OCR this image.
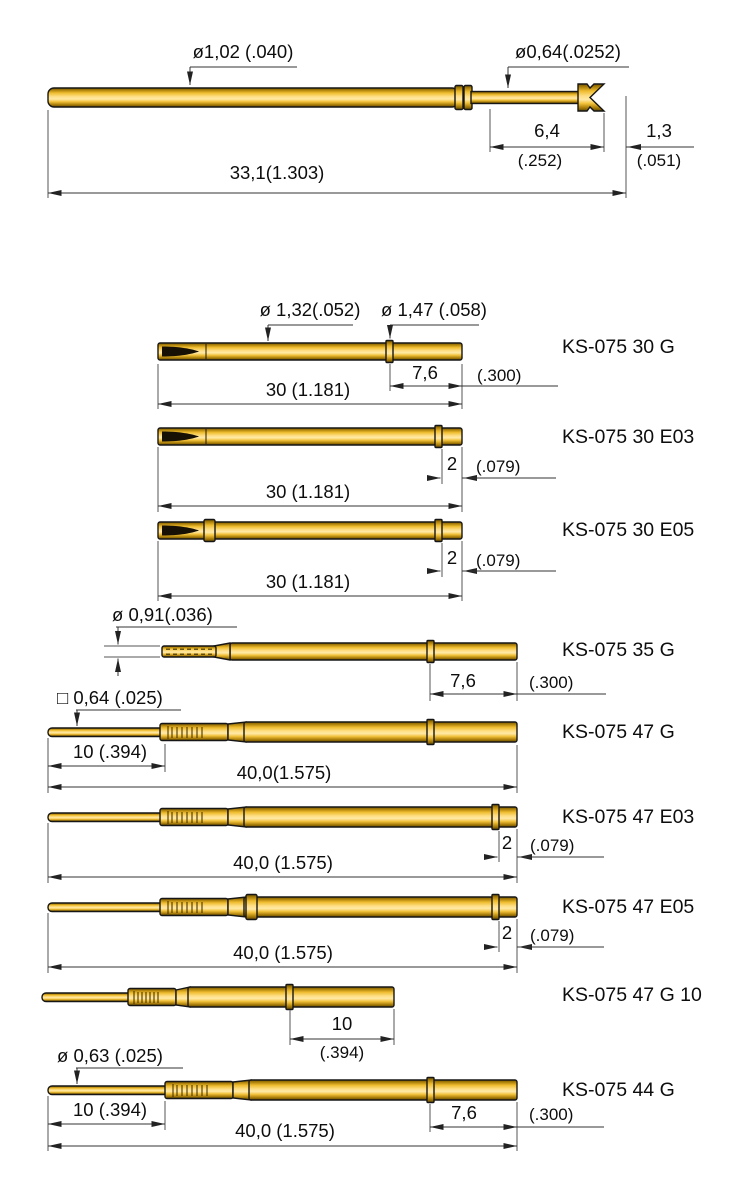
ø1,02 (.040)	ø0,64(.0252)
6,4
(.252)
1,3
(.051)
33,1(1.303)
ø 1,32(.052) ø 1,47 (.058)
7,6 (.300)
30 (1.181)
KS-075 30 G
2 (.079)
30 (1.181)
KS-075 30 E03
2 (.079)
30 (1.181)
KS-075 30 E05
ø 0,91(.036)
7,6	(.300)
KS-075 35 G
□ 0,64 (.025)
10 (.394)
40,0(1.575)
KS-075 47 G
2 (.079)
40,0 (1.575)
KS-075 47 E03
2 (.079)
40,0 (1.575)
KS-075 47 E05
10
(.394)
KS-075 47 G 10
ø 0,63 (.025)
10 (.394)	7,6	(.300)
40,0 (1.575)
KS-075 44 G
